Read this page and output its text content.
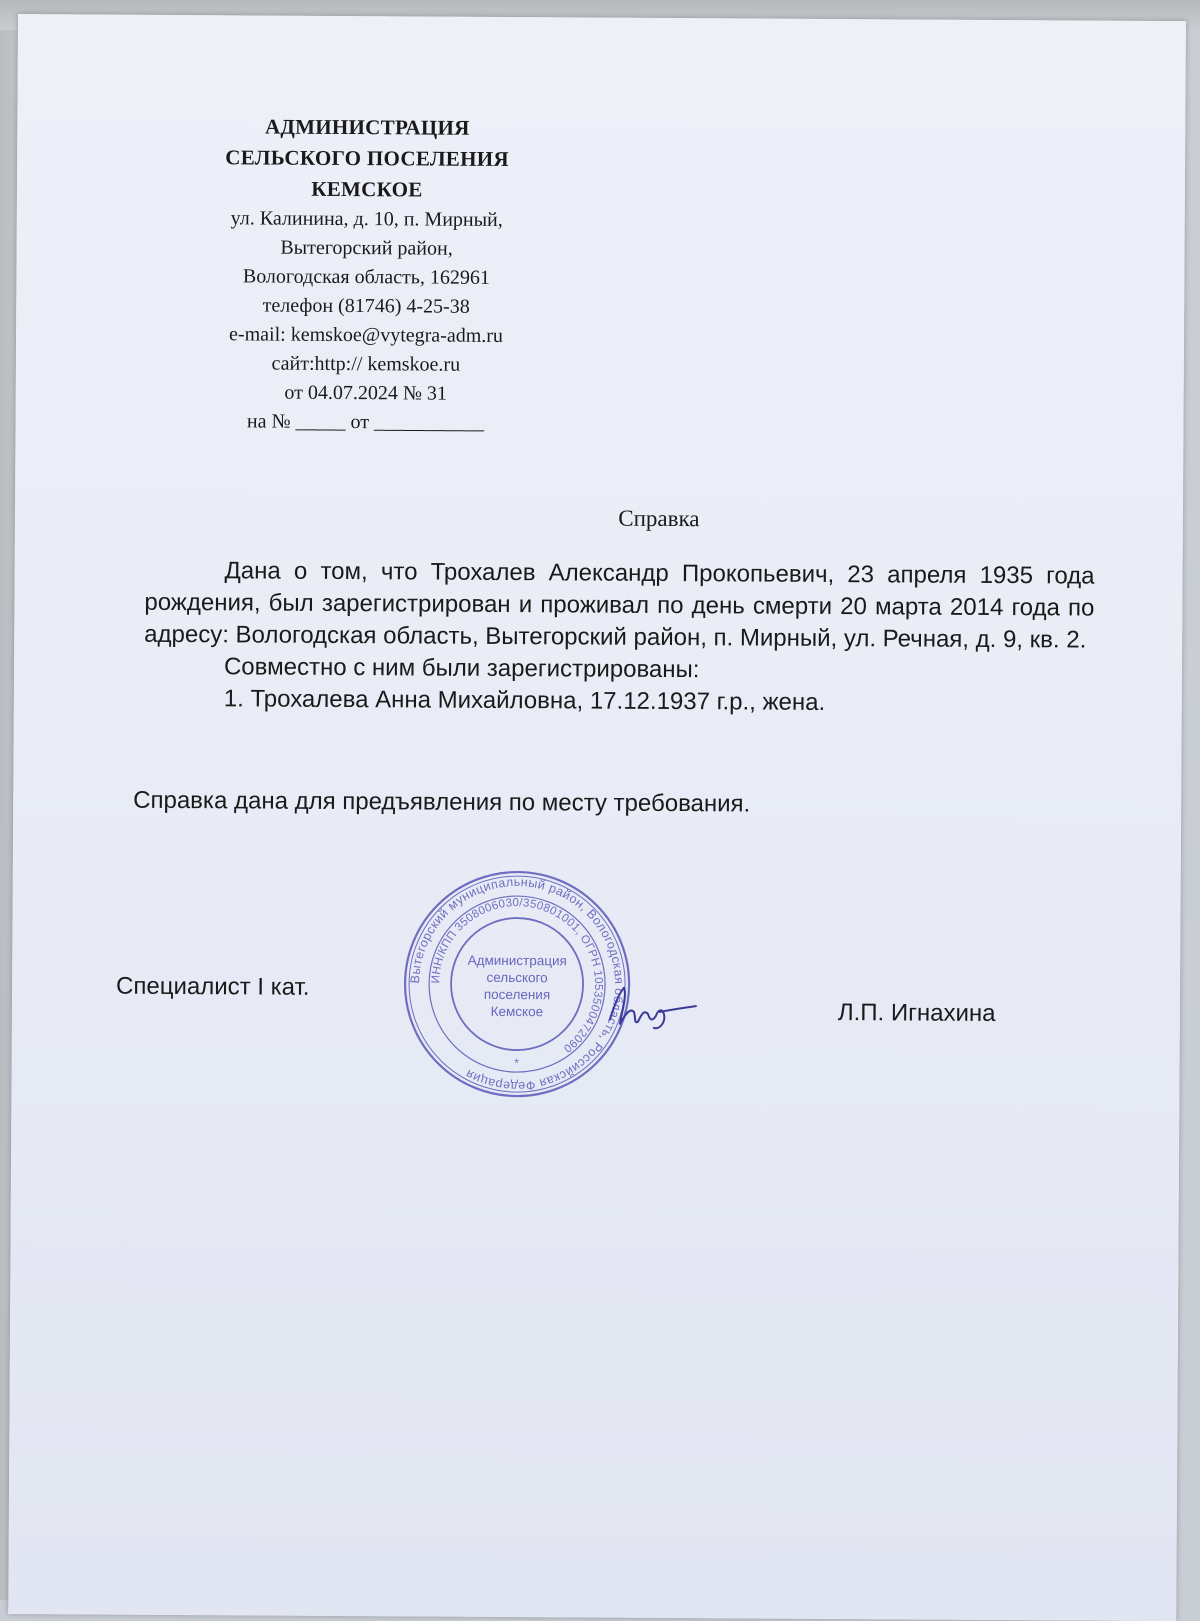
АДМИНИСТРАЦИЯ
СЕЛЬСКОГО ПОСЕЛЕНИЯ
КЕМСКОЕ
ул. Калинина, д. 10, п. Мирный,
Вытегорский район,
Вологодская область, 162961
телефон (81746) 4-25-38
e-mail: kemskoe@vytegra-adm.ru
сайт:http:// kemskoe.ru
от 04.07.2024 № 31
на № _____ от ___________
Справка

Дана о том, что Трохалев Александр Прокопьевич, 23 апреля 1935 года рождения, был зарегистрирован и проживал по день смерти 20 марта 2014 года по адресу: Вологодская область, Вытегорский район, п. Мирный, ул. Речная, д. 9, кв. 2.

Совместно с ним были зарегистрированы:

1. Трохалева Анна Михайловна, 17.12.1937 г.р., жена.

Справка дана для предъявления по месту требования.
Специалист I кат.	Вытегорский муниципальный район, Вологодская область, Российская Федерация
ИНН/КПП 3508006030/350801001, ОГРН 1053500472090
Администрация
сельского
поселения
Кемское
*
Л.П. Игнахина
